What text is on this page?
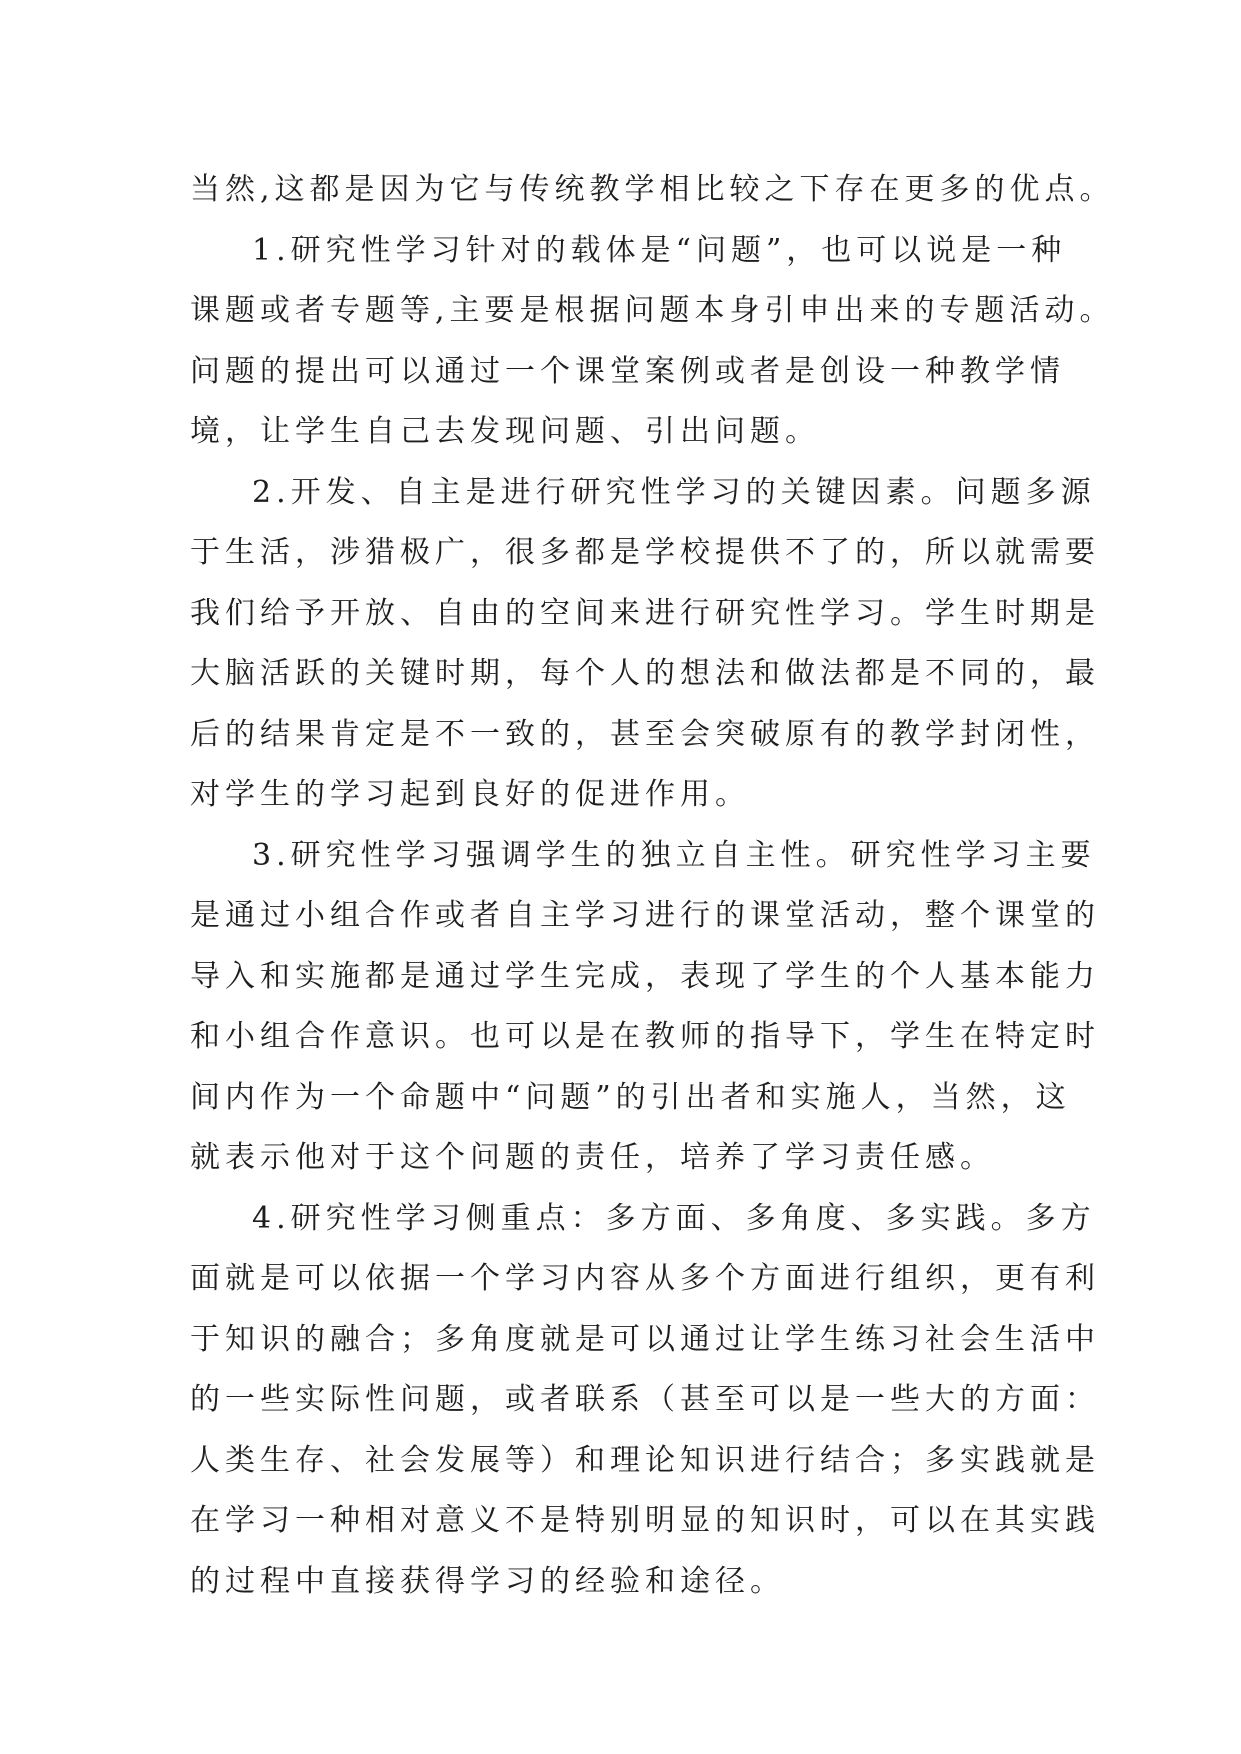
当然,这都是因为它与传统教学相比较之下存在更多的优点。
1.研究性学习针对的载体是“问题”，也可以说是一种
课题或者专题等,主要是根据问题本身引申出来的专题活动。
问题的提出可以通过一个课堂案例或者是创设一种教学情
境，让学生自己去发现问题、引出问题。
2.开发、自主是进行研究性学习的关键因素。问题多源
于生活，涉猎极广，很多都是学校提供不了的，所以就需要
我们给予开放、自由的空间来进行研究性学习。学生时期是
大脑活跃的关键时期，每个人的想法和做法都是不同的，最
后的结果肯定是不一致的，甚至会突破原有的教学封闭性，
对学生的学习起到良好的促进作用。
3.研究性学习强调学生的独立自主性。研究性学习主要
是通过小组合作或者自主学习进行的课堂活动，整个课堂的
导入和实施都是通过学生完成，表现了学生的个人基本能力
和小组合作意识。也可以是在教师的指导下，学生在特定时
间内作为一个命题中“问题”的引出者和实施人，当然，这
就表示他对于这个问题的责任，培养了学习责任感。
4.研究性学习侧重点：多方面、多角度、多实践。多方
面就是可以依据一个学习内容从多个方面进行组织，更有利
于知识的融合；多角度就是可以通过让学生练习社会生活中
的一些实际性问题，或者联系（甚至可以是一些大的方面：
人类生存、社会发展等）和理论知识进行结合；多实践就是
在学习一种相对意义不是特别明显的知识时，可以在其实践
的过程中直接获得学习的经验和途径。
